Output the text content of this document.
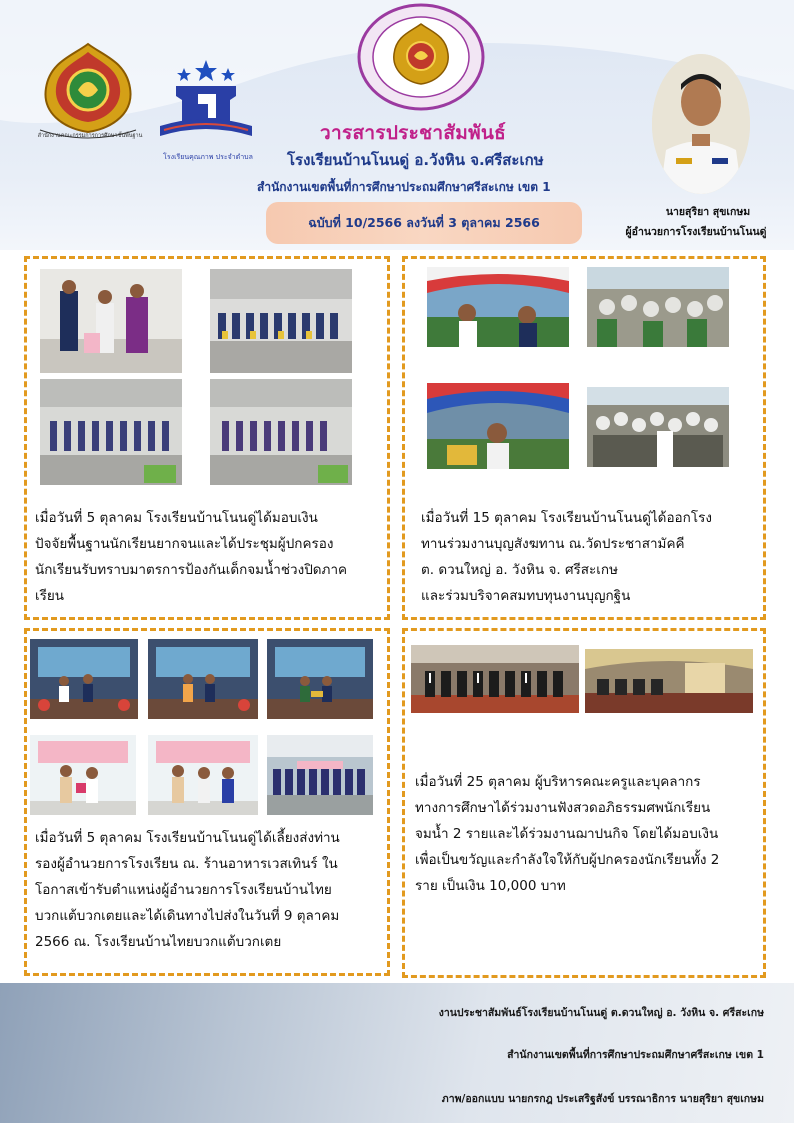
สำนักงานคณะกรรมการการศึกษาขั้นพื้นฐาน
โรงเรียนคุณภาพ ประจำตำบล
วารสารประชาสัมพันธ์
โรงเรียนบ้านโนนดู่ อ.วังหิน จ.ศรีสะเกษ
สำนักงานเขตพื้นที่การศึกษาประถมศึกษาศรีสะเกษ เขต 1
ฉบับที่ 10/2566 ลงวันที่ 3 ตุลาคม 2566
นายสุริยา สุขเกษม
ผู้อำนวยการโรงเรียนบ้านโนนดู่
เมื่อวันที่ 5 ตุลาคม โรงเรียนบ้านโนนดู่ได้มอบเงิน
ปัจจัยพื้นฐานนักเรียนยากจนและได้ประชุมผู้ปกครอง
นักเรียนรับทราบมาตรการป้องกันเด็กจมน้ำช่วงปิดภาค
เรียน
เมื่อวันที่ 15 ตุลาคม โรงเรียนบ้านโนนดู่ได้ออกโรง
ทานร่วมงานบุญสังฆทาน ณ.วัดประชาสามัคคี
ต. ดวนใหญ่ อ. วังหิน จ. ศรีสะเกษ
และร่วมบริจาคสมทบทุนงานบุญกฐิน
เมื่อวันที่ 5 ตุลาคม โรงเรียนบ้านโนนดู่ได้เลี้ยงส่งท่าน
รองผู้อำนวยการโรงเรียน ณ. ร้านอาหารเวสเทินร์ ใน
โอกาสเข้ารับตำแหน่งผู้อำนวยการโรงเรียนบ้านไทย
บวกแต้บวกเตยและได้เดินทางไปส่งในวันที่ 9 ตุลาคม
2566 ณ. โรงเรียนบ้านไทยบวกแต้บวกเตย
เมื่อวันที่ 25 ตุลาคม ผู้บริหารคณะครูและบุคลากร
ทางการศึกษาได้ร่วมงานฟังสวดอภิธรรมศพนักเรียน
จมน้ำ 2 รายและได้ร่วมงานฌาปนกิจ โดยได้มอบเงิน
เพื่อเป็นขวัญและกำลังใจให้กับผู้ปกครองนักเรียนทั้ง 2
ราย เป็นเงิน 10,000 บาท
งานประชาสัมพันธ์โรงเรียนบ้านโนนดู่ ต.ดวนใหญ่ อ. วังหิน จ. ศรีสะเกษ
สำนักงานเขตพื้นที่การศึกษาประถมศึกษาศรีสะเกษ เขต 1
ภาพ/ออกแบบ นายกรกฎ ประเสริฐสังข์ บรรณาธิการ นายสุริยา สุขเกษม
